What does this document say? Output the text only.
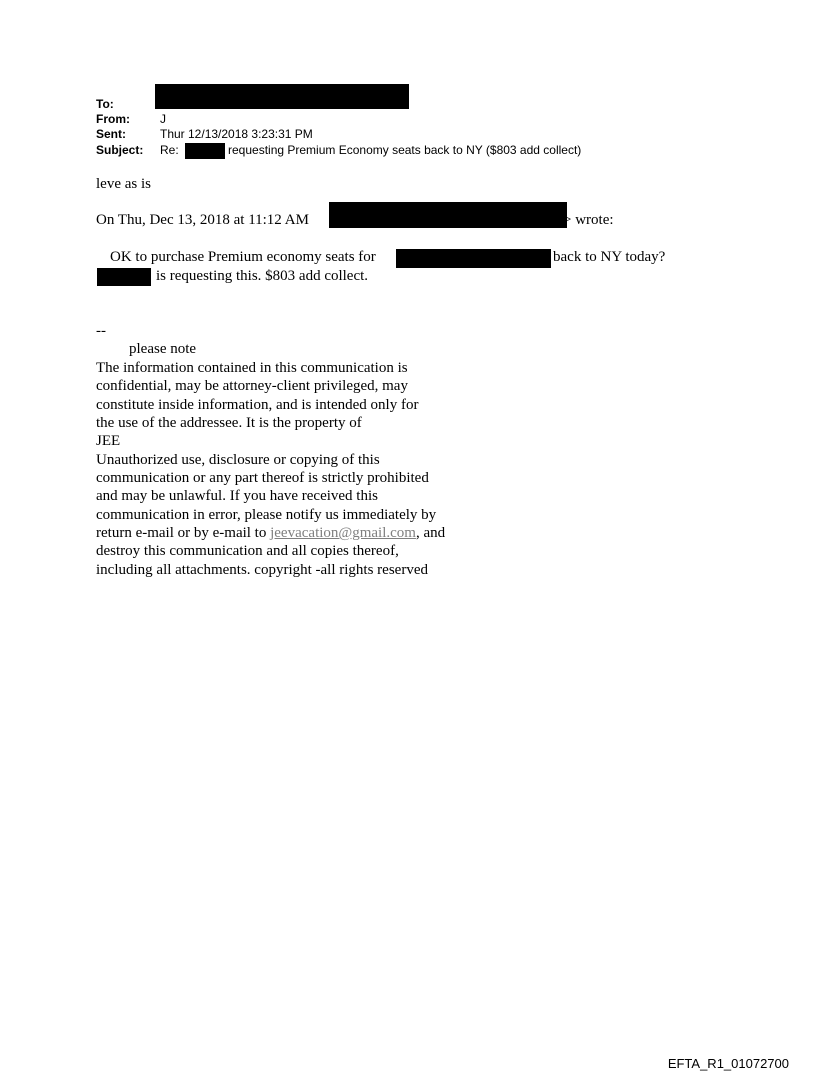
To:
From:	J
Sent:	Thur 12/13/2018 3:23:31 PM
Subject: Re:	requesting Premium Economy seats back to NY ($803 add collect)
leve as is
On Thu, Dec 13, 2018 at 11:12 AM	> wrote:
OK to purchase Premium economy seats for	back to NY today?
is requesting this. $803 add collect.
--
please note
The information contained in this communication is
confidential, may be attorney-client privileged, may
constitute inside information, and is intended only for
the use of the addressee. It is the property of
JEE
Unauthorized use, disclosure or copying of this
communication or any part thereof is strictly prohibited
and may be unlawful. If you have received this
communication in error, please notify us immediately by
return e-mail or by e-mail to jeevacation@gmail.com, and
destroy this communication and all copies thereof,
including all attachments. copyright -all rights reserved
EFTA_R1_01072700
